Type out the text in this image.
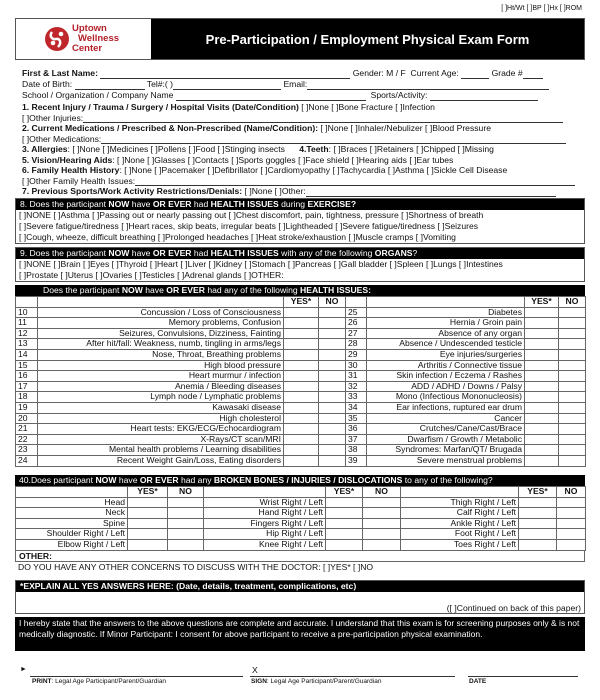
[ ]Ht/Wt [ ]BP [ ]Hx [ ]ROM
Uptown
Wellness
Center
Pre-Participation / Employment Physical Exam Form
First & Last Name:	Gender: M / F Current Age:	Grade #
Date of Birth:	Tel#:( )	Email:
School / Organization / Company Name	Sports/Activity:
1. Recent Injury / Trauma / Surgery / Hospital Visits (Date/Condition) [ ]None [ ]Bone Fracture [ ]Infection
[ ]Other Injuries:
2. Current Medications / Prescribed & Non-Prescribed (Name/Condition): [ ]None [ ]Inhaler/Nebulizer [ ]Blood Pressure
[ ]Other Medications:
3. Allergies: [ ]None [ ]Medicines [ ]Pollens [ ]Food [ ]Stinging insects 4.Teeth: [ ]Braces [ ]Retainers [ ]Chipped [ ]Missing
5. Vision/Hearing Aids: [ ]None [ ]Glasses [ ]Contacts [ ]Sports goggles [ ]Face shield [ ]Hearing aids [ ]Ear tubes
6. Family Health History: [ ]None [ ]Pacemaker [ ]Defibrillator [ ]Cardiomyopathy [ ]Tachycardia [ ]Asthma [ ]Sickle Cell Disease
[ ]Other Family Health Issues:
7. Previous Sports/Work Activity Restrictions/Denials: [ ]None [ ]Other:
8. Does the participant NOW have OR EVER had HEALTH ISSUES during EXERCISE?
[ ]NONE [ ]Asthma [ ]Passing out or nearly passing out [ ]Chest discomfort, pain, tightness, pressure [ ]Shortness of breath
[ ]Severe fatigue/tiredness [ ]Heart races, skip beats, irregular beats [ ]Lightheaded [ ]Severe fatigue/tiredness [ ]Seizures
[ ]Cough, wheeze, difficult breathing [ ]Prolonged headaches [ ]Heat stroke/exhaustion [ ]Muscle cramps [ ]Vomiting
9. Does the participant NOW have OR EVER had HEALTH ISSUES with any of the following ORGANS?
[ ]NONE [ ]Brain [ ]Eyes [ ]Thyroid [ ]Heart [ ]Liver [ ]Kidney [ ]Stomach [ ]Pancreas [ ]Gall bladder [ ]Spleen [ ]Lungs [ ]Intestines
[ ]Prostate [ ]Uterus [ ]Ovaries [ ]Testicles [ ]Adrenal glands [ ]OTHER:
Does the participant NOW have OR EVER had any of the following HEALTH ISSUES:
		YES*	NO			YES*	NO
10	Concussion / Loss of Consciousness			25	Diabetes		
11	Memory problems, Confusion			26	Hernia / Groin pain		
12	Seizures, Convulsions, Dizziness, Fainting			27	Absence of any organ		
13	After hit/fall: Weakness, numb, tingling in arms/legs			28	Absence / Undescended testicle		
14	Nose, Throat, Breathing problems			29	Eye injuries/surgeries		
15	High blood pressure			30	Arthritis / Connective tissue		
16	Heart murmur / infection			31	Skin infection / Eczema / Rashes		
17	Anemia / Bleeding diseases			32	ADD / ADHD / Downs / Palsy		
18	Lymph node / Lymphatic problems			33	Mono (Infectious Mononucleosis)		
19	Kawasaki disease			34	Ear infections, ruptured ear drum		
20	High cholesterol			35	Cancer		
21	Heart tests: EKG/ECG/Echocardiogram			36	Crutches/Cane/Cast/Brace		
22	X-Rays/CT scan/MRI			37	Dwarfism / Growth / Metabolic		
23	Mental health problems / Learning disabilities			38	Syndromes: Marfan/QT/ Brugada		
24	Recent Weight Gain/Loss, Eating disorders			39	Severe menstrual problems		
40.Does participant NOW have OR EVER had any BROKEN BONES / INJURIES / DISLOCATIONS to any of the following?
	YES*	NO		YES*	NO		YES*	NO
Head			Wrist Right / Left			Thigh Right / Left		
Neck			Hand Right / Left			Calf Right / Left		
Spine			Fingers Right / Left			Ankle Right / Left		
Shoulder Right / Left			Hip Right / Left			Foot Right / Left		
Elbow Right / Left			Knee Right / Left			Toes Right / Left		
OTHER:
DO YOU HAVE ANY OTHER CONCERNS TO DISCUSS WITH THE DOCTOR: [ ]YES* [ ]NO
*EXPLAIN ALL YES ANSWERS HERE: (Date, details, treatment, complications, etc)
([ ]Continued on back of this paper)
I hereby state that the answers to the above questions are complete and accurate. I understand that this exam is for screening purposes only & is not medically diagnostic. If Minor Participant: I consent for above participant to receive a pre-participation physical examination.
►
PRINT: Legal Age Participant/Parent/Guardian
X
SIGN: Legal Age Participant/Parent/Guardian	DATE
